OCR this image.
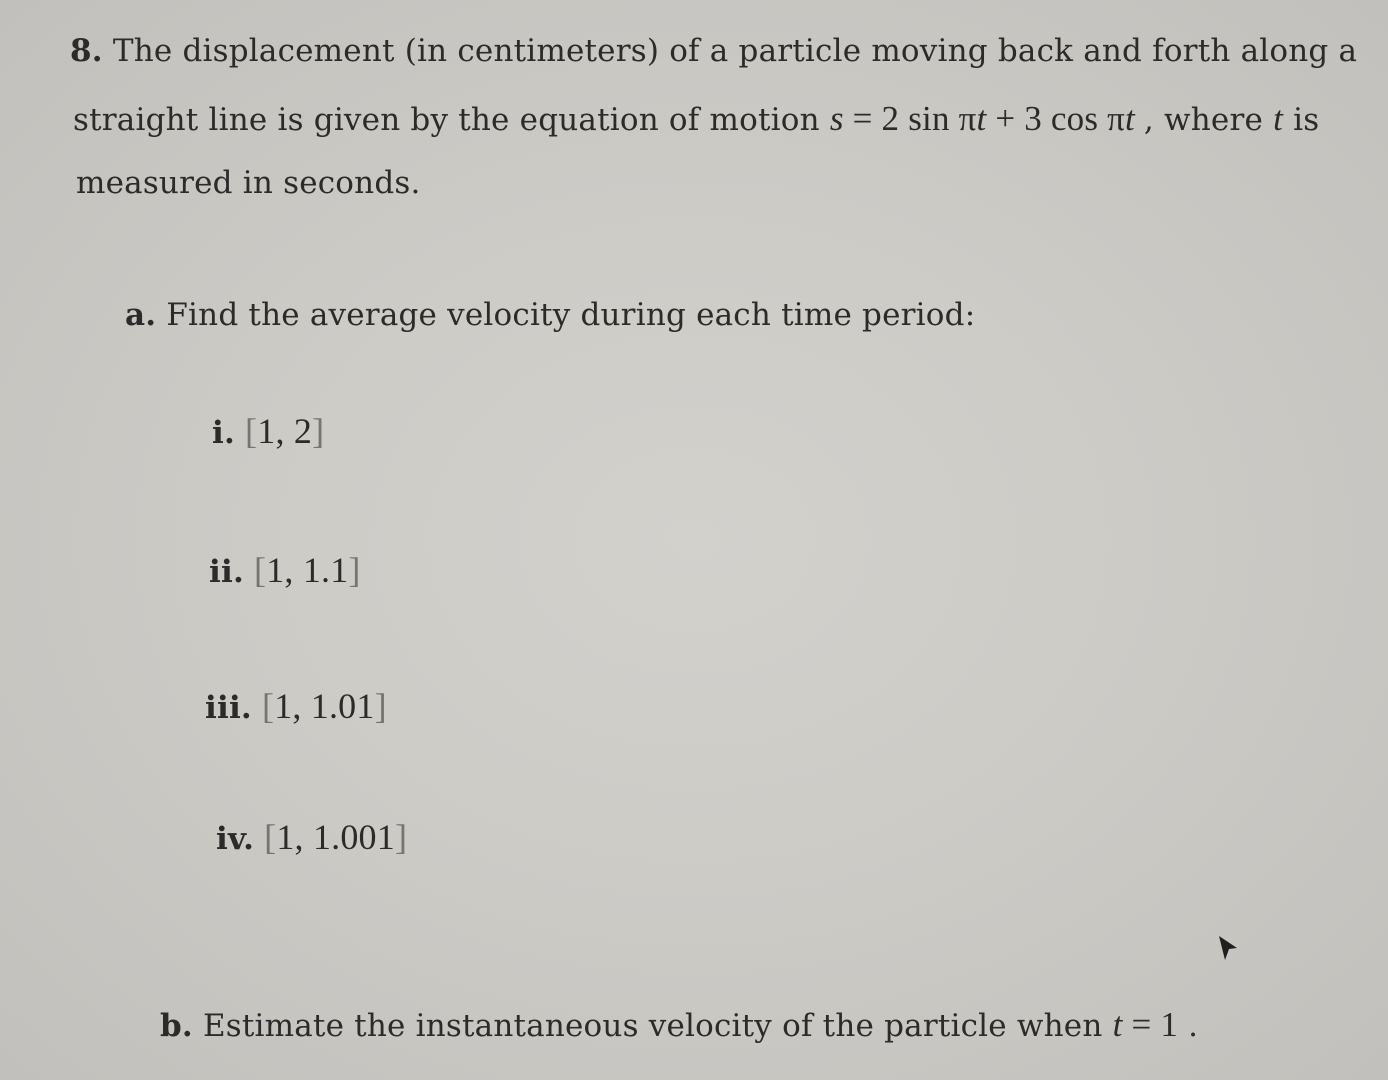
8. The displacement (in centimeters) of a particle moving back and forth along a
straight line is given by the equation of motion s = 2 sin πt + 3 cos πt , where t is
measured in seconds.
a. Find the average velocity during each time period:
i. [1, 2]
ii. [1, 1.1]
iii. [1, 1.01]
iv. [1, 1.001]
b. Estimate the instantaneous velocity of the particle when t = 1 .
